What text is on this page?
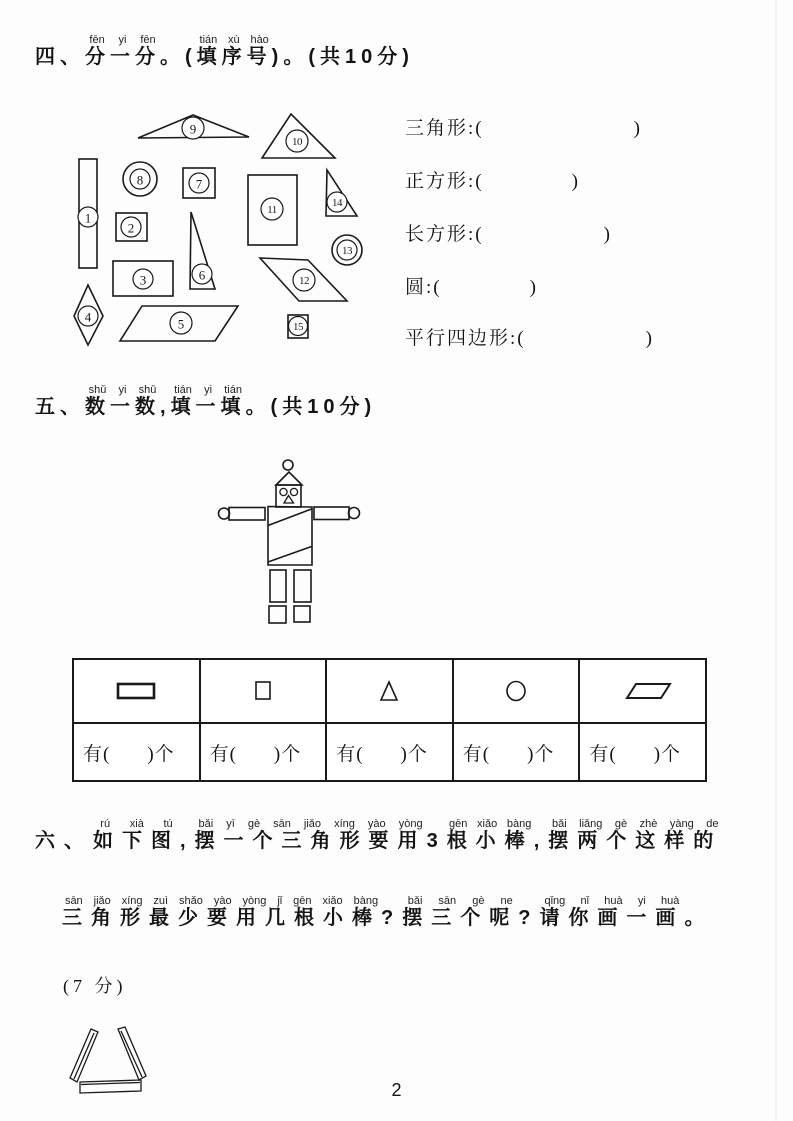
四、分一分fēn yi fēn。(填序号tián xù hào)。(共10分)
9
10
1
8	7
11
14
2
13
6
3	12
4	5	15
三角形:(	)
正方形:(	)
长方形:(	)
圆:(	)
平行四边形:(	)
五、数一数shǔ yi shǔ,填一填tián yi tián。(共10分)
有( )个 有( )个 有( )个 有( )个 有( )个
六、如下图rú xià tú,摆一个三角形要用bǎi yī gè sān jiǎo xíng yào yòng3根小棒gēn xiǎo bàng,摆两个这样的bǎi liǎng gè zhè yàng de
三角形最少要用几根小棒sān jiǎo xíng zuì shǎo yào yòng jǐ gēn xiǎo bàng?摆三个呢bǎi sān gè ne?请你画一画qǐng nǐ huà yi huà。
(7 分)
2
